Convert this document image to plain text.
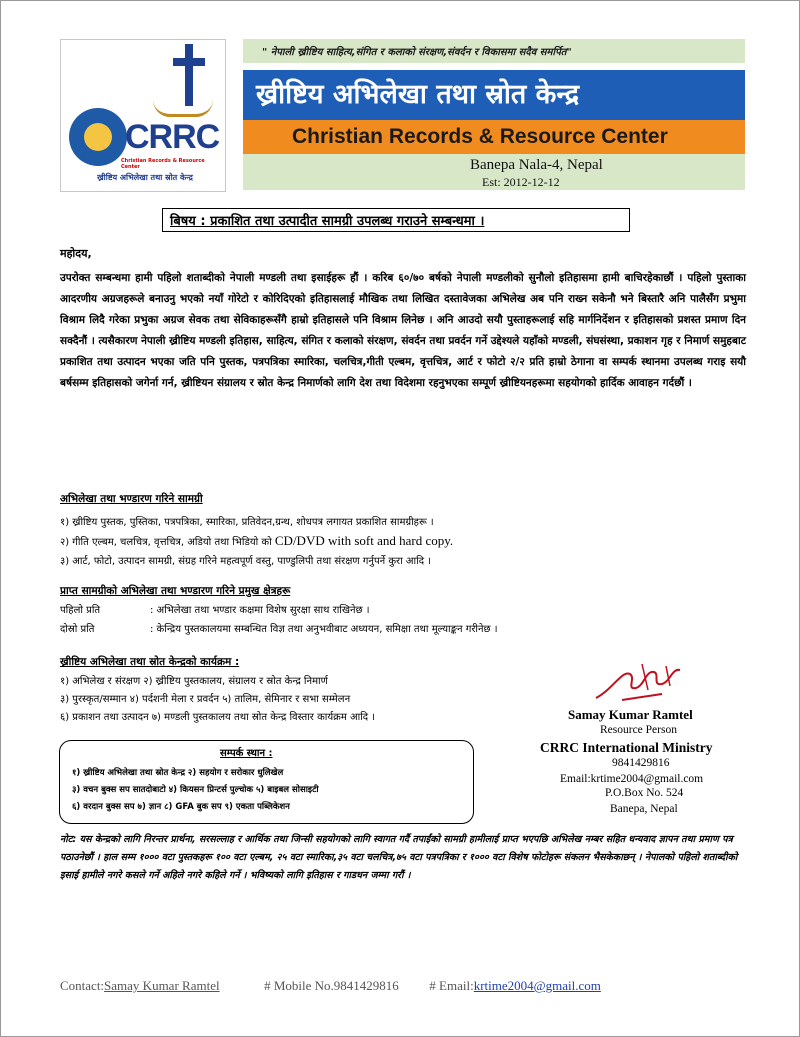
CRRC
Christian Records & Resource Center
ख्रीष्टिय अभिलेखा तथा स्रोत केन्द्र
" नेपाली ख्रीष्टिय साहित्य,संगित र कलाको संरक्षण,संवर्दन र विकासमा सदैव समर्पित"
ख्रीष्टिय अभिलेखा तथा स्रोत केन्द्र
Christian Records & Resource Center
Banepa Nala-4, Nepal
Est: 2012-12-12
बिषय : प्रकाशित तथा उत्पादीत सामग्री उपलब्ध गराउने सम्बन्धमा ।
महोदय,
उपरोक्त सम्बन्धमा हामी पहिलो शताब्दीको नेपाली मण्डली तथा इसाईहरू हौं । करिब ६०/७० बर्षको नेपाली मण्डलीको सुनौलो इतिहासमा हामी बाचिरहेकाछौं । पहिलो पुस्ताका आदरणीय अग्रजहरूले बनाउनु भएको नयाँ गोरेटो र कोरिदिएको इतिहासलाई मौखिक तथा लिखित दस्तावेजका अभिलेख अब पनि राख्न सकेनौ भने बिस्तारै अनि पालैसँग प्रभुमा विश्राम लिदै गरेका प्रभुका अग्रज सेवक तथा सेविकाहरूसँगै हाम्रो इतिहासले पनि विश्राम लिनेछ । अनि आउदो सयौ पुस्ताहरूलाई सहि मार्गनिर्देशन र इतिहासको प्रशस्त प्रमाण दिन सक्दैनौं । त्यसैकारण नेपाली ख्रीष्टिय मण्डली इतिहास, साहित्य, संगित र कलाको संरक्षण, संवर्दन तथा प्रवर्दन गर्ने उद्देश्यले यहाँको मण्डली, संघसंस्था, प्रकाशन गृह र निमार्ण समुहबाट प्रकाशित तथा उत्पादन भएका जति पनि पुस्तक, पत्रपत्रिका स्मारिका, चलचित्र,गीती एल्बम, वृत्तचित्र, आर्ट र फोटो २/२ प्रति हाम्रो ठेगाना वा सम्पर्क स्थानमा उपलब्ध गराइ सयौ बर्षसम्म इतिहासको जगेर्ना गर्न, ख्रीष्टियन संग्रालय र स्रोत केन्द्र निमार्णको लागि देश तथा विदेशमा रहनुभएका सम्पूर्ण ख्रीष्टियनहरूमा सहयोगको हार्दिक आवाहन गर्दछौं ।
अभिलेखा तथा भण्डारण गरिने सामग्री
१) ख्रीष्टिय पुस्तक, पुस्तिका, पत्रपत्रिका, स्मारिका, प्रतिवेदन,ग्रन्थ, शोधपत्र लगायत प्रकाशित सामग्रीहरू ।
२) गीति एल्बम, चलचित्र, वृत्तचित्र, अडियो तथा भिडियो को CD/DVD with soft and hard copy.
३) आर्ट, फोटो, उत्पादन सामग्री, संग्रह गरिने महत्वपूर्ण वस्तु, पाण्डुलिपी तथा संरक्षण गर्नुपर्ने कुरा आदि ।
प्राप्त सामग्रीको अभिलेखा तथा भण्डारण गरिने प्रमुख क्षेत्रहरू
पहिलो प्रति	: अभिलेखा तथा भण्डार कक्षमा विशेष सुरक्षा साथ राखिनेछ ।
दोस्रो प्रति	: केन्द्रिय पुस्तकालयमा सम्बन्धित विज्ञ तथा अनुभवीबाट अध्ययन, समिक्षा तथा मूल्याङ्कन गरीनेछ ।
ख्रीष्टिय अभिलेखा तथा स्रोत केन्द्रको कार्यक्रम :
१) अभिलेख र संरक्षण २) ख्रीष्टिय पुस्तकालय, संग्रालय र स्रोत केन्द्र निमार्ण
३) पुरस्कृत/सम्मान ४) पर्दशनी मेला र प्रवर्दन ५) तालिम, सेमिनार र सभा सम्मेलन
६) प्रकाशन तथा उत्पादन ७) मण्डली पुस्तकालय तथा स्रोत केन्द्र विस्तार कार्यक्रम आदि ।
सम्पर्क स्थान :
१) ख्रीष्टिय अभिलेखा तथा स्रोत केन्द्र २) सहयोग र सरोकार धुलिखेल
३) वचन बुक्स सप सातदोबाटो ४) कियसन प्रिन्टर्स पुल्चोक ५) बाइबल सोसाइटी
६) वरदान बुक्स सप ७) ज्ञान ८) GFA बुक सप ९) एकता पब्लिकेशन
Samay Kumar Ramtel
Resource Person
CRRC International Ministry
9841429816
Email:krtime2004@gmail.com
P.O.Box No. 524
Banepa, Nepal
नोट: यस केन्द्रको लागि निरन्तर प्रार्थना, सरसल्लाह र आर्थिक तथा जिन्सी सहयोगको लागि स्वागत गर्दै तपाईंको सामग्री हामीलाई प्राप्त भएपछि अभिलेख नम्बर सहित धन्यवाद ज्ञापन तथा प्रमाण पत्र पठाउनेछौं । हाल सम्म १००० वटा पुस्तकहरू १०० वटा एल्बम, २५ वटा स्मारिका,३५ वटा चलचित्र,७५ वटा पत्रपत्रिका र १००० वटा विशेष फोटोहरू संकलन भैसकेकाछन् । नेपालको पहिलो शताब्दीको इसाई हामीले नगरे कसले गर्ने अहिले नगरे कहिले गर्ने । भविष्यको लागि इतिहास र गाडधन जम्मा गरौं ।
Contact:Samay Kumar Ramtel	# Mobile No.9841429816 # Email:krtime2004@gmail.com
